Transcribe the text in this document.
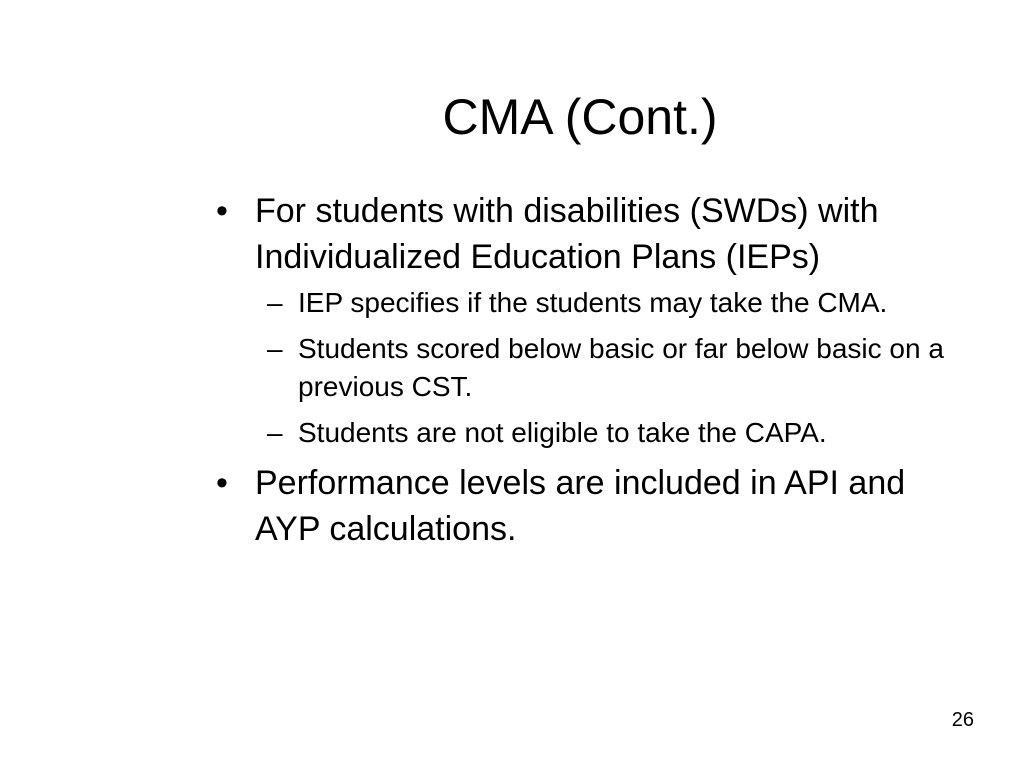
CMA (Cont.)
• For students with disabilities (SWDs) with Individualized Education Plans (IEPs)
– IEP specifies if the students may take the CMA.
– Students scored below basic or far below basic on a previous CST.
– Students are not eligible to take the CAPA.
• Performance levels are included in API and AYP calculations.
26
